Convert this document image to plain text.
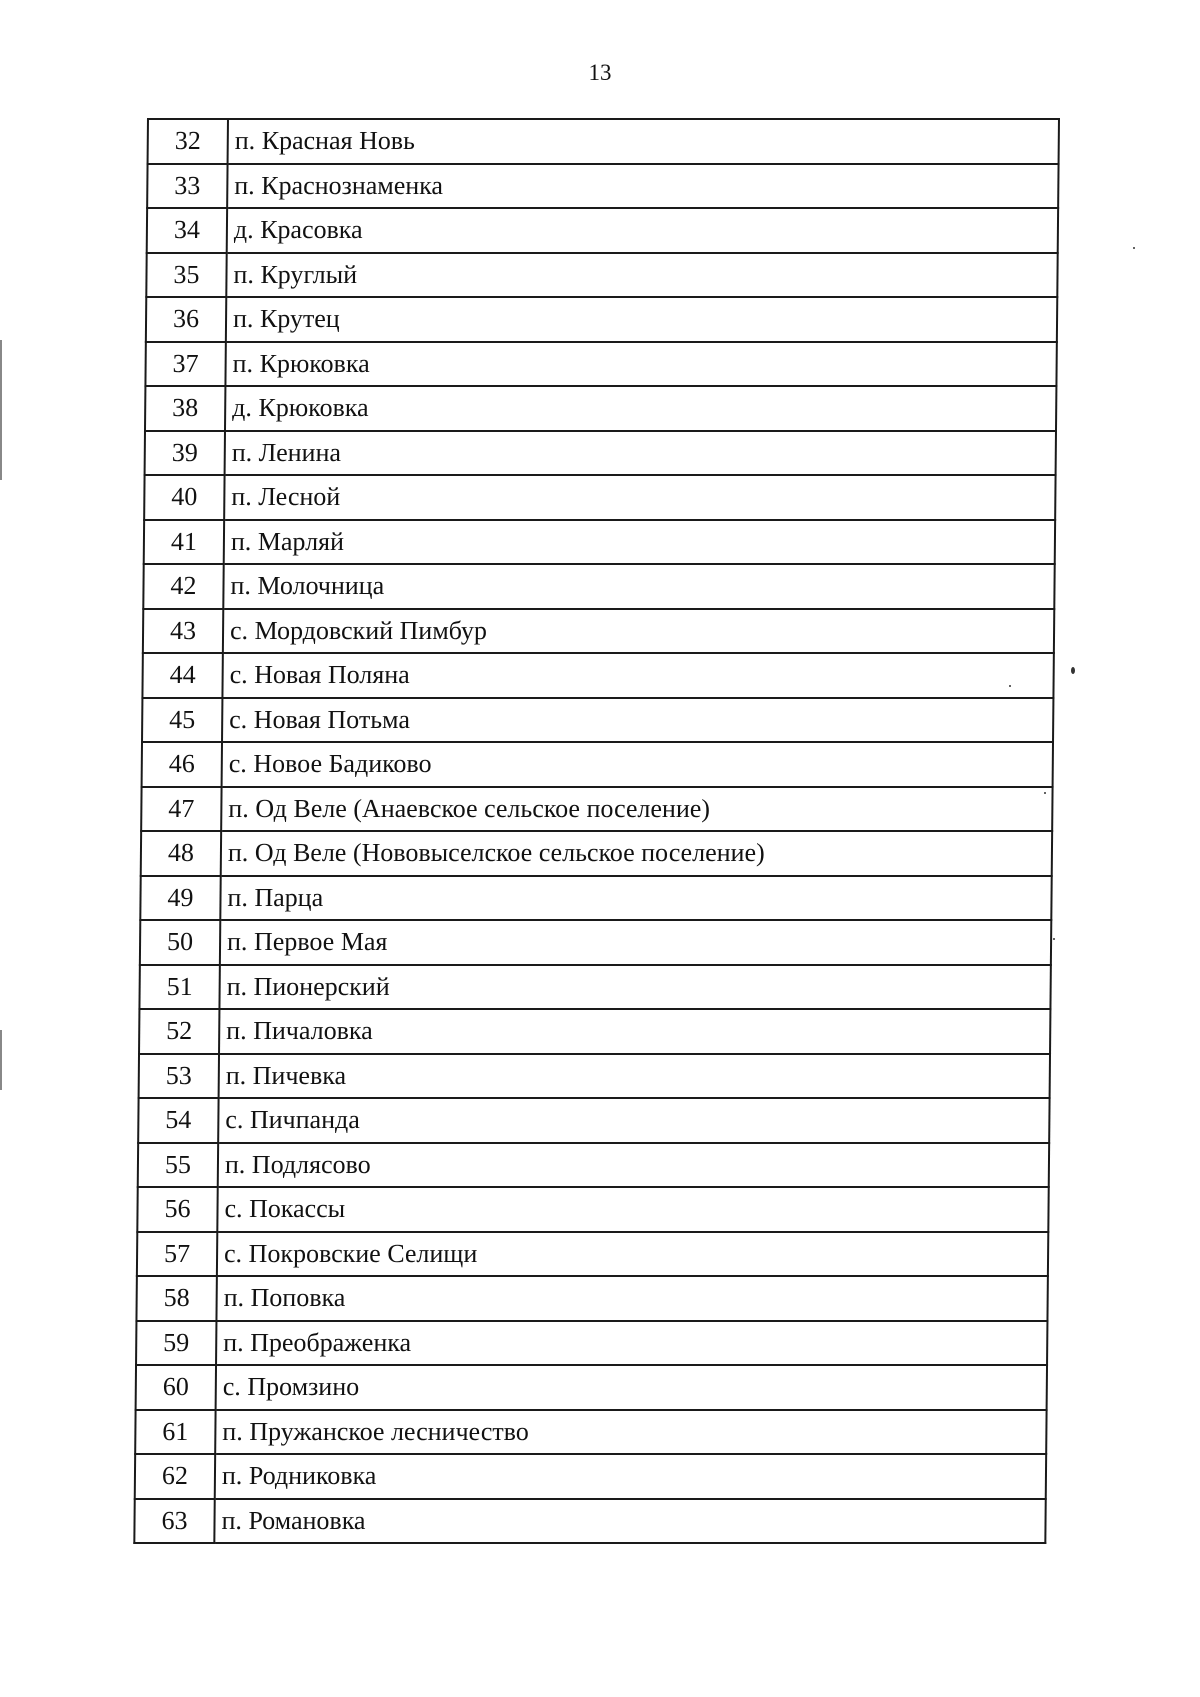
13
32	п. Красная Новь
33	п. Краснознаменка
34	д. Красовка
35	п. Круглый
36	п. Крутец
37	п. Крюковка
38	д. Крюковка
39	п. Ленина
40	п. Лесной
41	п. Марляй
42	п. Молочница
43	с. Мордовский Пимбур
44	с. Новая Поляна
45	с. Новая Потьма
46	с. Новое Бадиково
47	п. Од Веле (Анаевское сельское поселение)
48	п. Од Веле (Нововыселское сельское поселение)
49	п. Парца
50	п. Первое Мая
51	п. Пионерский
52	п. Пичаловка
53	п. Пичевка
54	с. Пичпанда
55	п. Подлясово
56	с. Покассы
57	с. Покровские Селищи
58	п. Поповка
59	п. Преображенка
60	с. Промзино
61	п. Пружанское лесничество
62	п. Родниковка
63	п. Романовка
